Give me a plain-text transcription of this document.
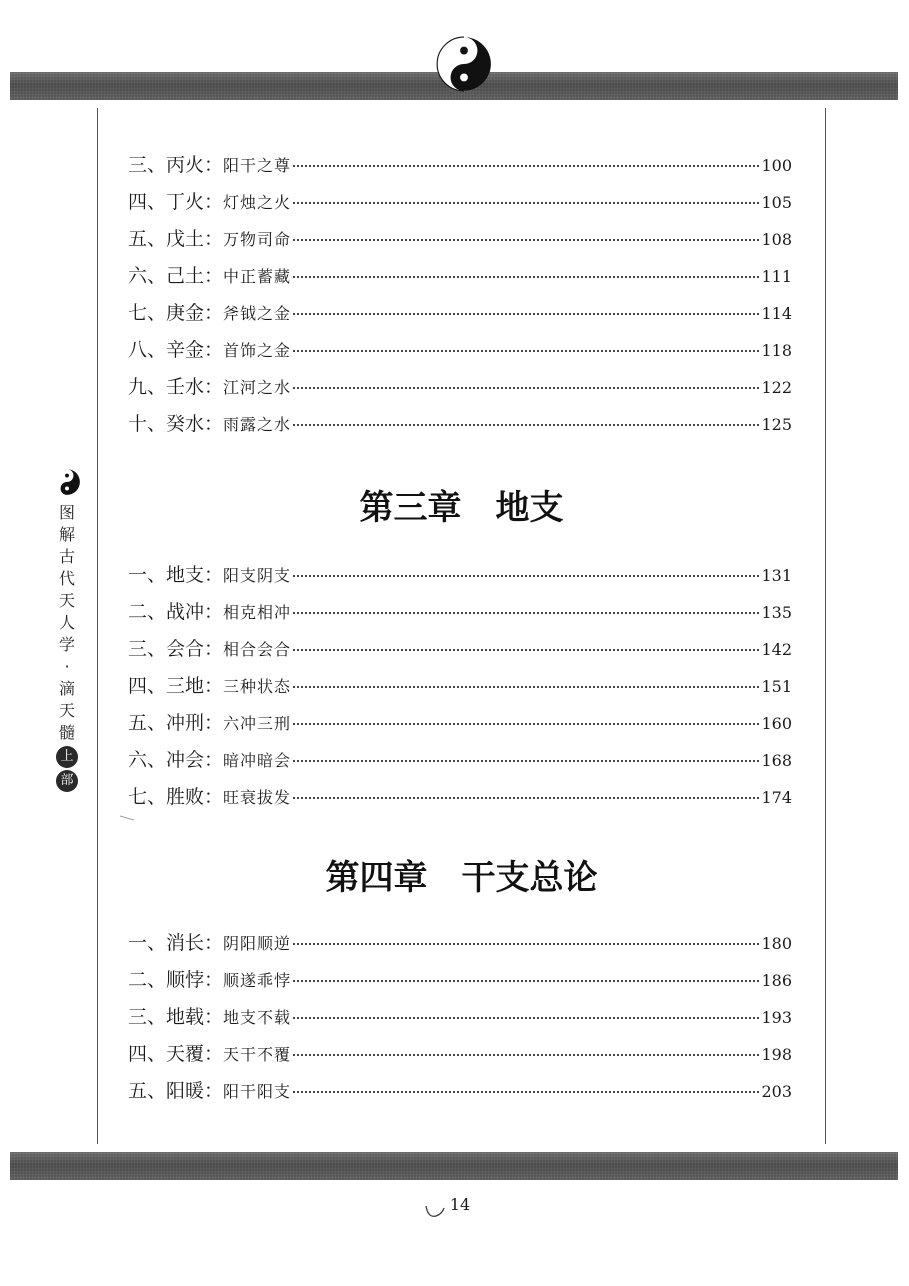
图解古代天人学·滴天髓
上
部
三、丙火： 阳干之尊	100
四、丁火： 灯烛之火	105
五、戊土： 万物司命	108
六、己土： 中正蓄藏	111
七、庚金： 斧钺之金	114
八、辛金： 首饰之金	118
九、壬水： 江河之水	122
十、癸水： 雨露之水	125
第三章　地支
一、地支： 阳支阴支	131
二、战冲： 相克相冲	135
三、会合： 相合会合	142
四、三地： 三种状态	151
五、冲刑： 六冲三刑	160
六、冲会： 暗冲暗会	168
七、胜败： 旺衰拔发	174
第四章　干支总论
一、消长： 阴阳顺逆	180
二、顺悖： 顺遂乖悖	186
三、地载： 地支不载	193
四、天覆： 天干不覆	198
五、阳暖： 阳干阳支	203
14
